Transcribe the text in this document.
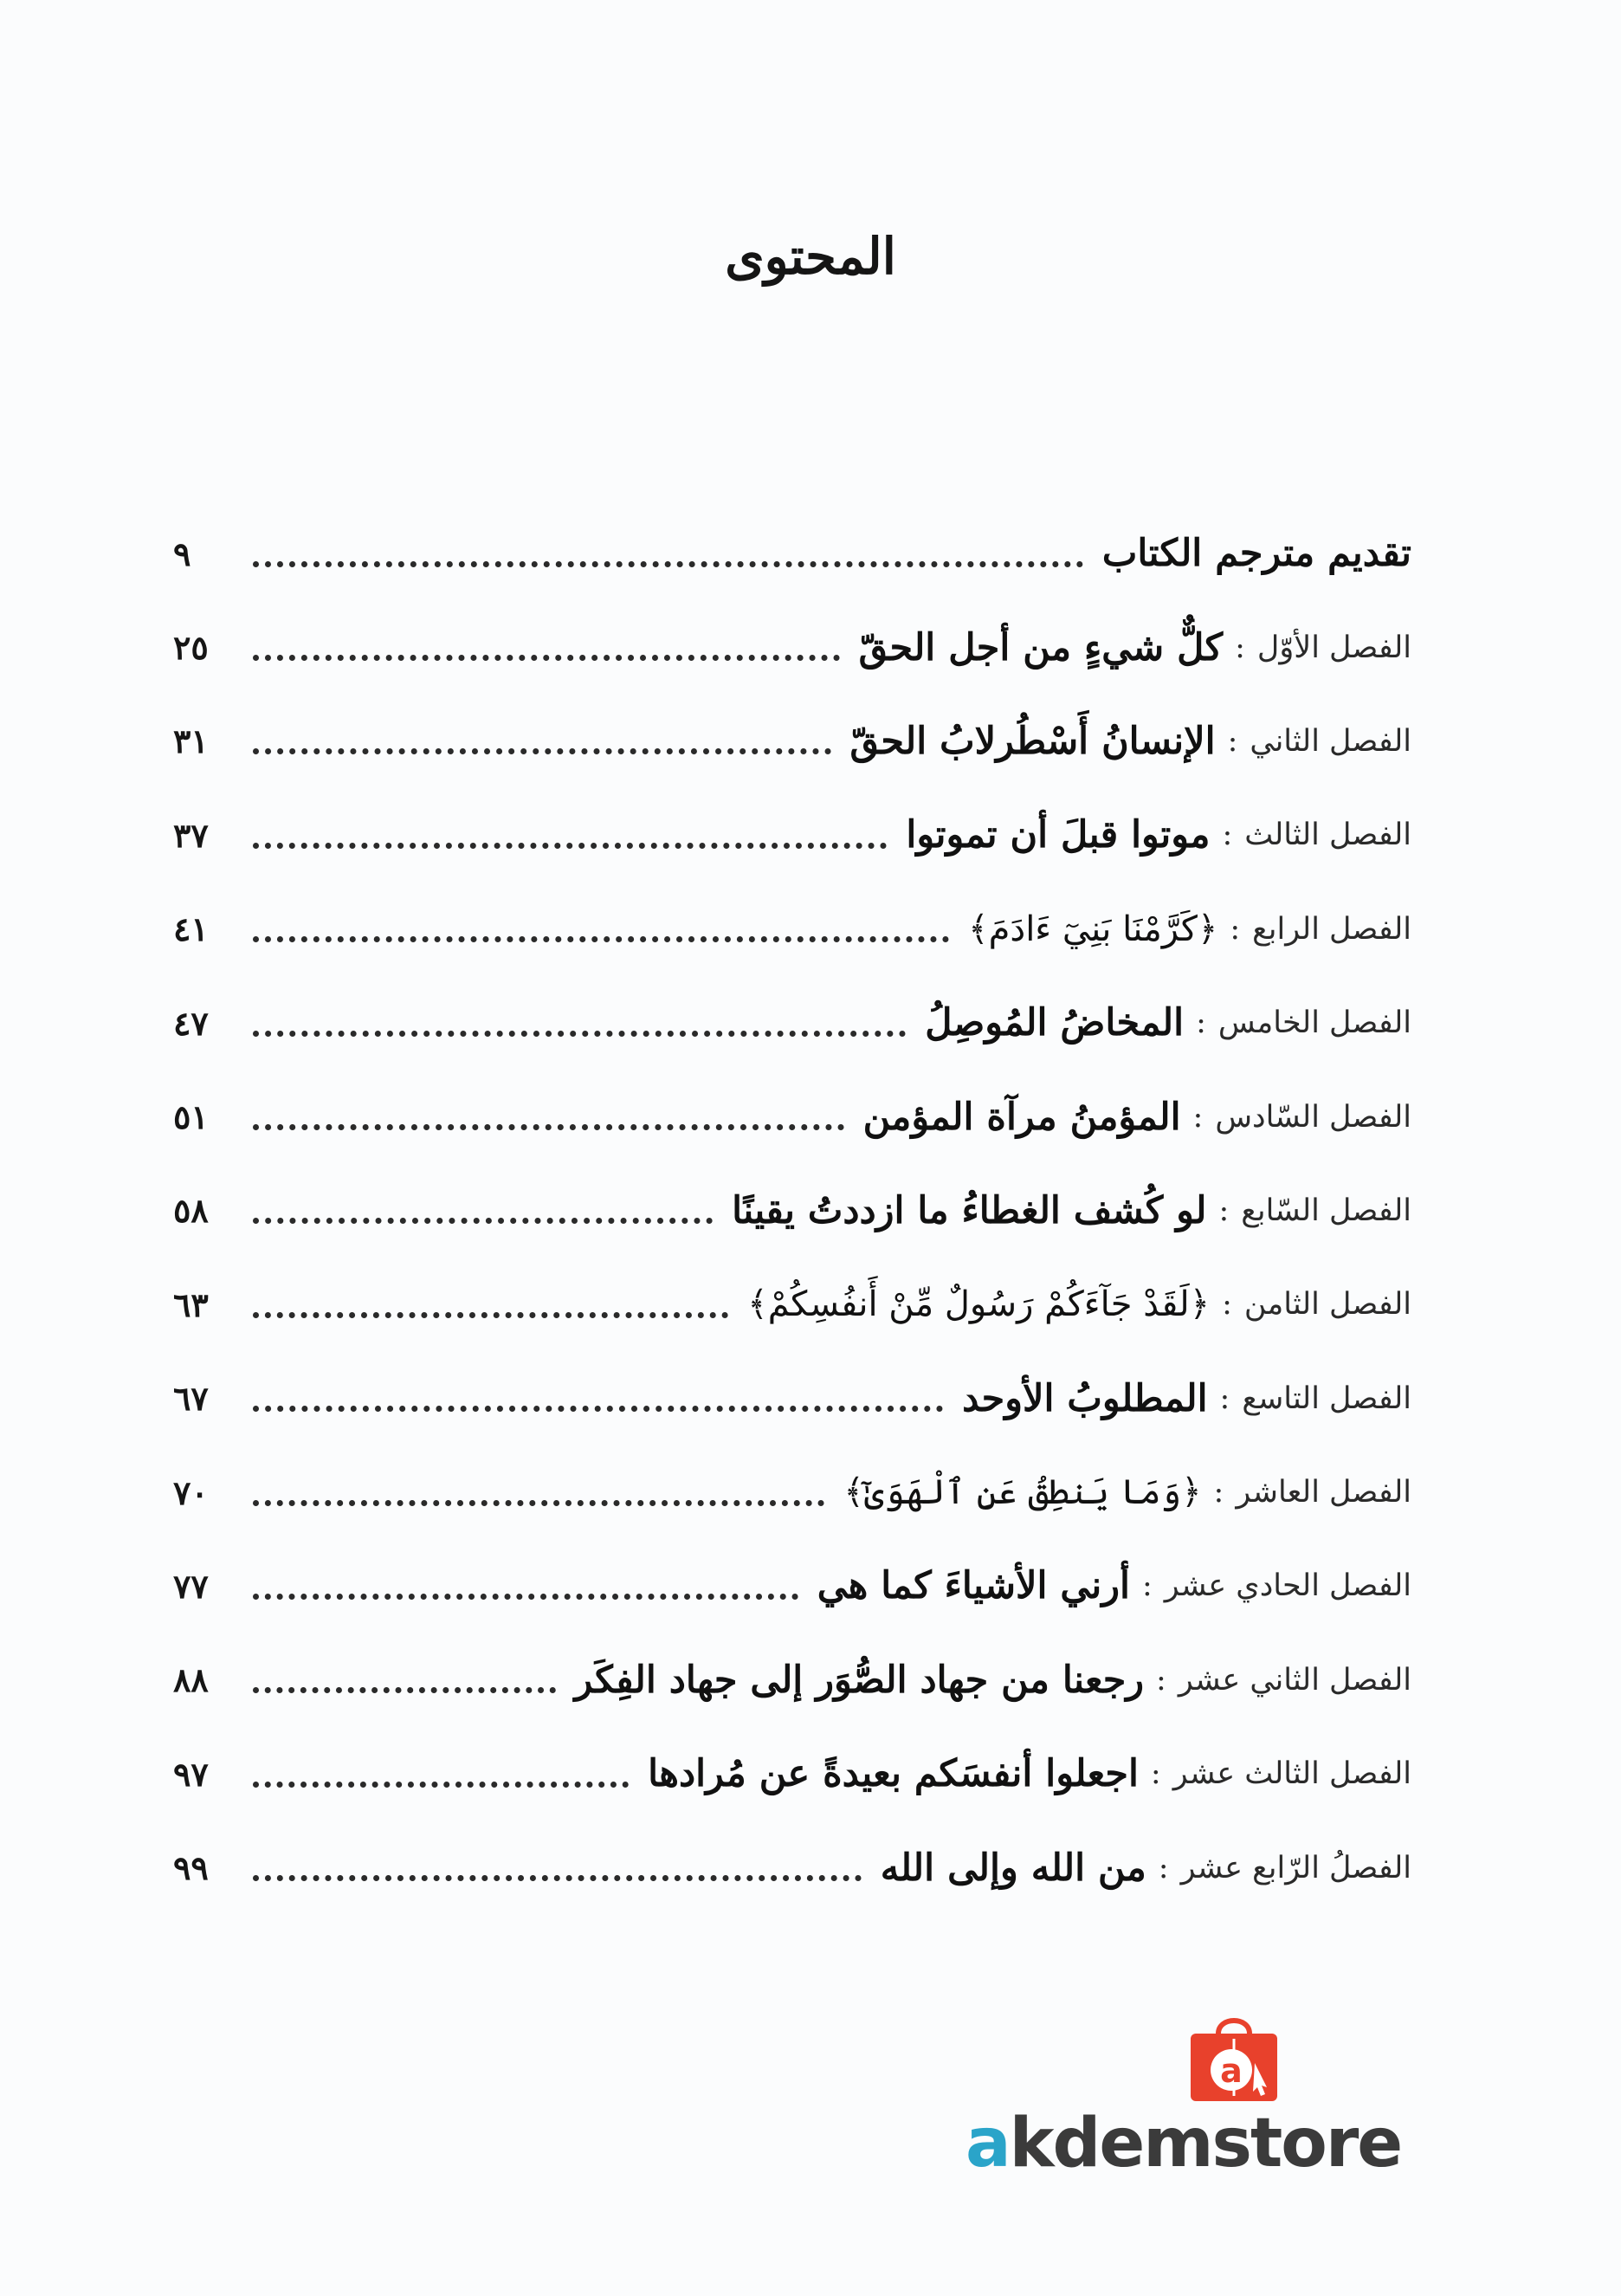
المحتوى
تقديم مترجم الكتاب
٩
الفصل الأوّل
:
كلٌّ شيءٍ من أجل الحقّ
٢٥
الفصل الثاني
:
الإنسانُ أَسْطُرلابُ الحقّ
٣١
الفصل الثالث
:
موتوا قبلَ أن تموتوا
٣٧
الفصل الرابع
:
﴿كَرَّمْنَا بَنِيٓ ءَادَمَ﴾
٤١
الفصل الخامس
:
المخاضُ المُوصِلُ
٤٧
الفصل السّادس
:
المؤمنُ مرآة المؤمن
٥١
الفصل السّابع
:
لو كُشف الغطاءُ ما ازددتُ يقينًا
٥٨
الفصل الثامن
:
﴿لَقَدْ جَآءَكُمْ رَسُولٌ مِّنْ أَنفُسِكُمْ﴾
٦٣
الفصل التاسع
:
المطلوبُ الأوحد
٦٧
الفصل العاشر
:
﴿وَمَا يَنطِقُ عَنِ ٱلْهَوَىٰٓ﴾
٧٠
الفصل الحادي عشر
:
أرني الأشياءَ كما هي
٧٧
الفصل الثاني عشر
:
رجعنا من جهاد الصُّوَر إلى جهاد الفِكَر
٨٨
الفصل الثالث عشر
:
اجعلوا أنفسَكم بعيدةً عن مُرادها
٩٧
الفصلُ الرّابع عشر
:
من الله وإلى الله
٩٩
a
akdemstore
